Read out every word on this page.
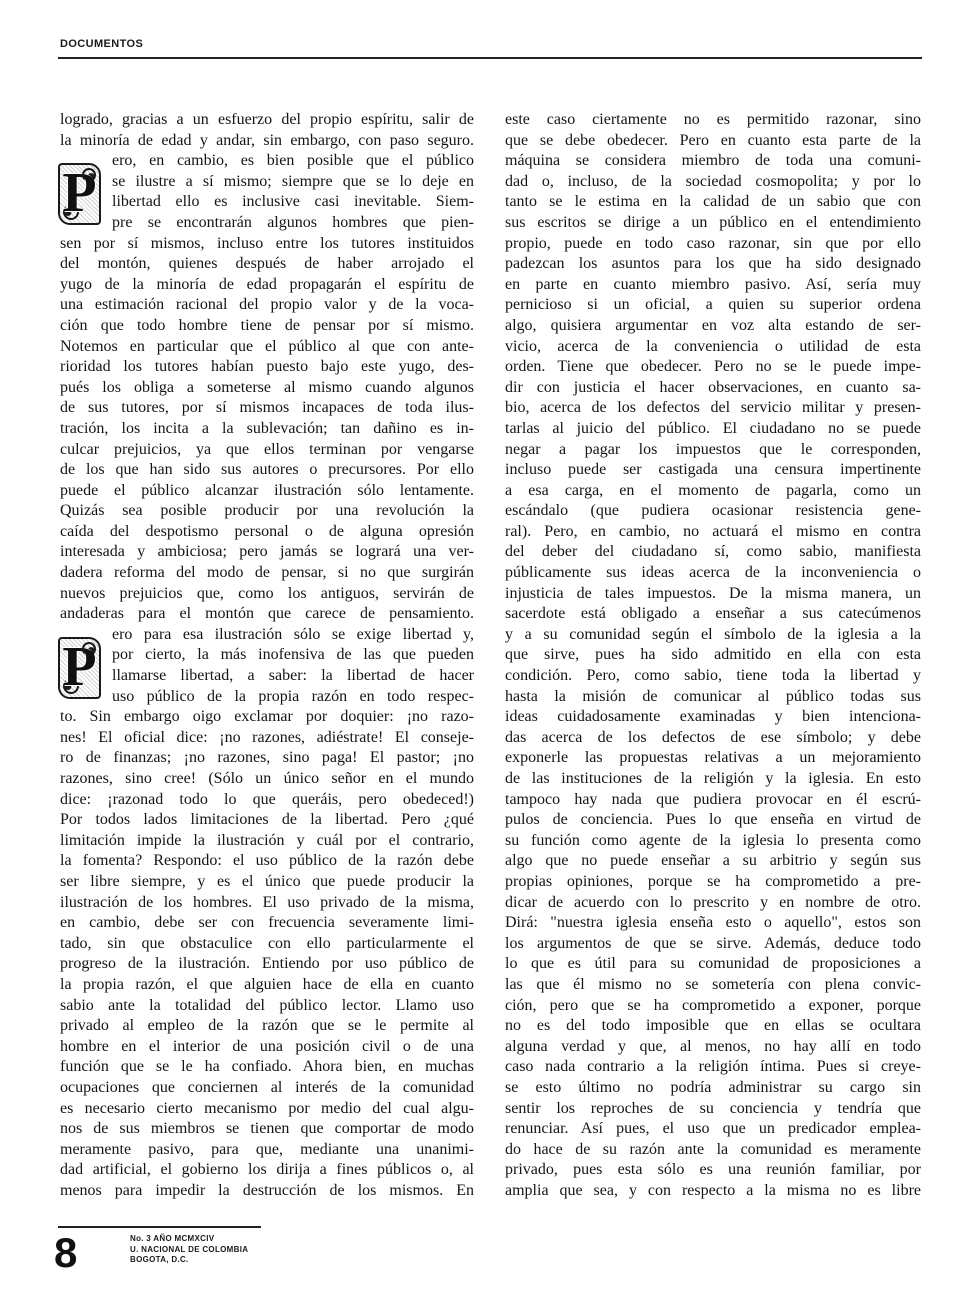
DOCUMENTOS
logrado, gracias a un esfuerzo del propio espíritu, salir de
la minoría de edad y andar, sin embargo, con paso seguro.
P
ero, en cambio, es bien posible que el público
se ilustre a sí mismo; siempre que se lo deje en
libertad ello es inclusive casi inevitable. Siem-
pre se encontrarán algunos hombres que pien-
sen por sí mismos, incluso entre los tutores instituidos
del montón, quienes después de haber arrojado el
yugo de la minoría de edad propagarán el espíritu de
una estimación racional del propio valor y de la voca-
ción que todo hombre tiene de pensar por sí mismo.
Notemos en particular que el público al que con ante-
rioridad los tutores habían puesto bajo este yugo, des-
pués los obliga a someterse al mismo cuando algunos
de sus tutores, por sí mismos incapaces de toda ilus-
tración, los incita a la sublevación; tan dañino es in-
culcar prejuicios, ya que ellos terminan por vengarse
de los que han sido sus autores o precursores. Por ello
puede el público alcanzar ilustración sólo lentamente.
Quizás sea posible producir por una revolución la
caída del despotismo personal o de alguna opresión
interesada y ambiciosa; pero jamás se logrará una ver-
dadera reforma del modo de pensar, si no que surgirán
nuevos prejuicios que, como los antiguos, servirán de
andaderas para el montón que carece de pensamiento.
P
ero para esa ilustración sólo se exige libertad y,
por cierto, la más inofensiva de las que pueden
llamarse libertad, a saber: la libertad de hacer
uso público de la propia razón en todo respec-
to. Sin embargo oigo exclamar por doquier: ¡no razo-
nes! El oficial dice: ¡no razones, adiéstrate! El conseje-
ro de finanzas; ¡no razones, sino paga! El pastor; ¡no
razones, sino cree! (Sólo un único señor en el mundo
dice: ¡razonad todo lo que queráis, pero obedeced!)
Por todos lados limitaciones de la libertad. Pero ¿qué
limitación impide la ilustración y cuál por el contrario,
la fomenta? Respondo: el uso público de la razón debe
ser libre siempre, y es el único que puede producir la
ilustración de los hombres. El uso privado de la misma,
en cambio, debe ser con frecuencia severamente limi-
tado, sin que obstaculice con ello particularmente el
progreso de la ilustración. Entiendo por uso público de
la propia razón, el que alguien hace de ella en cuanto
sabio ante la totalidad del público lector. Llamo uso
privado al empleo de la razón que se le permite al
hombre en el interior de una posición civil o de una
función que se le ha confiado. Ahora bien, en muchas
ocupaciones que conciernen al interés de la comunidad
es necesario cierto mecanismo por medio del cual algu-
nos de sus miembros se tienen que comportar de modo
meramente pasivo, para que, mediante una unanimi-
dad artificial, el gobierno los dirija a fines públicos o, al
menos para impedir la destrucción de los mismos. En
este caso ciertamente no es permitido razonar, sino
que se debe obedecer. Pero en cuanto esta parte de la
máquina se considera miembro de toda una comuni-
dad o, incluso, de la sociedad cosmopolita; y por lo
tanto se le estima en la calidad de un sabio que con
sus escritos se dirige a un público en el entendimiento
propio, puede en todo caso razonar, sin que por ello
padezcan los asuntos para los que ha sido designado
en parte en cuanto miembro pasivo. Así, sería muy
pernicioso si un oficial, a quien su superior ordena
algo, quisiera argumentar en voz alta estando de ser-
vicio, acerca de la conveniencia o utilidad de esta
orden. Tiene que obedecer. Pero no se le puede impe-
dir con justicia el hacer observaciones, en cuanto sa-
bio, acerca de los defectos del servicio militar y presen-
tarlas al juicio del público. El ciudadano no se puede
negar a pagar los impuestos que le corresponden,
incluso puede ser castigada una censura impertinente
a esa carga, en el momento de pagarla, como un
escándalo (que pudiera ocasionar resistencia gene-
ral). Pero, en cambio, no actuará el mismo en contra
del deber del ciudadano sí, como sabio, manifiesta
públicamente sus ideas acerca de la inconveniencia o
injusticia de tales impuestos. De la misma manera, un
sacerdote está obligado a enseñar a sus catecúmenos
y a su comunidad según el símbolo de la iglesia a la
que sirve, pues ha sido admitido en ella con esta
condición. Pero, como sabio, tiene toda la libertad y
hasta la misión de comunicar al público todas sus
ideas cuidadosamente examinadas y bien intenciona-
das acerca de los defectos de ese símbolo; y debe
exponerle las propuestas relativas a un mejoramiento
de las instituciones de la religión y la iglesia. En esto
tampoco hay nada que pudiera provocar en él escrú-
pulos de conciencia. Pues lo que enseña en virtud de
su función como agente de la iglesia lo presenta como
algo que no puede enseñar a su arbitrio y según sus
propias opiniones, porque se ha comprometido a pre-
dicar de acuerdo con lo prescrito y en nombre de otro.
Dirá: "nuestra iglesia enseña esto o aquello", estos son
los argumentos de que se sirve. Además, deduce todo
lo que es útil para su comunidad de proposiciones a
las que él mismo no se sometería con plena convic-
ción, pero que se ha comprometido a exponer, porque
no es del todo imposible que en ellas se ocultara
alguna verdad y que, al menos, no hay allí en todo
caso nada contrario a la religión íntima. Pues si creye-
se esto último no podría administrar su cargo sin
sentir los reproches de su conciencia y tendría que
renunciar. Así pues, el uso que un predicador emplea-
do hace de su razón ante la comunidad es meramente
privado, pues esta sólo es una reunión familiar, por
amplia que sea, y con respecto a la misma no es libre
8	No. 3 AÑO MCMXCIV
U. NACIONAL DE COLOMBIA
BOGOTA, D.C.
